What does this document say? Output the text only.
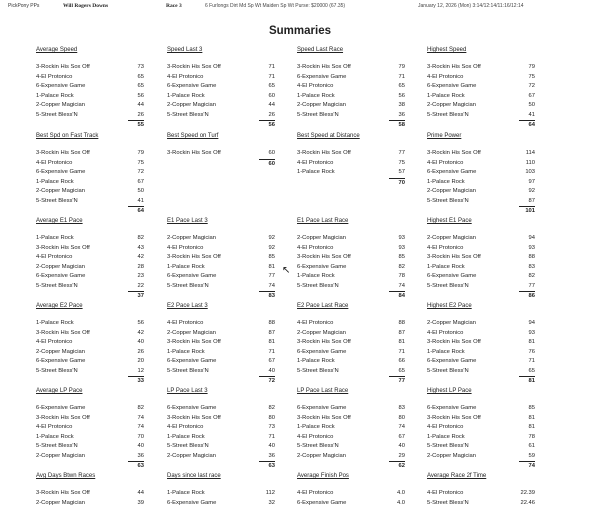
PickPony PPs	Will Rogers Downs	Race 3	6 Furlongs Dirt Md Sp Wt Maiden Sp Wt Purse: $20000 (67.35)	January 12, 2026 (Mon) 3:14/12:14/11:16/12:14
Summaries
Average Speed
3-Rockin His Sox Off	73
4-El Protonico	65
6-Expensive Game	65
1-Palace Rock	56
2-Copper Magician	44
5-Street Bless'N	26
55
Speed Last 3
3-Rockin His Sox Off	71
4-El Protonico	71
6-Expensive Game	65
1-Palace Rock	60
2-Copper Magician	44
5-Street Bless'N	26
56
Speed Last Race
3-Rockin His Sox Off	79
6-Expensive Game	71
4-El Protonico	65
1-Palace Rock	56
2-Copper Magician	38
5-Street Bless'N	36
58
Highest Speed
3-Rockin His Sox Off	79
4-El Protonico	75
6-Expensive Game	72
1-Palace Rock	67
2-Copper Magician	50
5-Street Bless'N	41
64
Best Spd on Fast Track
3-Rockin His Sox Off	79
4-El Protonico	75
6-Expensive Game	72
1-Palace Rock	67
2-Copper Magician	50
5-Street Bless'N	41
64
Best Speed on Turf
3-Rockin His Sox Off	60
60
Best Speed at Distance
3-Rockin His Sox Off	77
4-El Protonico	75
1-Palace Rock	57
70
Prime Power
3-Rockin His Sox Off	114
4-El Protonico	110
6-Expensive Game	103
1-Palace Rock	97
2-Copper Magician	92
5-Street Bless'N	87
101
Average E1 Pace
1-Palace Rock	82
3-Rockin His Sox Off	43
4-El Protonico	42
2-Copper Magician	28
6-Expensive Game	23
5-Street Bless'N	22
37
E1 Pace Last 3
2-Copper Magician	92
4-El Protonico	92
3-Rockin His Sox Off	85
1-Palace Rock	81
6-Expensive Game	77
5-Street Bless'N	74
83
E1 Pace Last Race
2-Copper Magician	93
4-El Protonico	93
3-Rockin His Sox Off	85
6-Expensive Game	82
1-Palace Rock	78
5-Street Bless'N	74
84
Highest E1 Pace
2-Copper Magician	94
4-El Protonico	93
3-Rockin His Sox Off	88
1-Palace Rock	83
6-Expensive Game	82
5-Street Bless'N	77
86
Average E2 Pace
1-Palace Rock	56
3-Rockin His Sox Off	42
4-El Protonico	40
2-Copper Magician	26
6-Expensive Game	20
5-Street Bless'N	12
33
E2 Pace Last 3
4-El Protonico	88
2-Copper Magician	87
3-Rockin His Sox Off	81
1-Palace Rock	71
6-Expensive Game	67
5-Street Bless'N	40
72
E2 Pace Last Race
4-El Protonico	88
2-Copper Magician	87
3-Rockin His Sox Off	81
6-Expensive Game	71
1-Palace Rock	66
5-Street Bless'N	65
77
Highest E2 Pace
2-Copper Magician	94
4-El Protonico	93
3-Rockin His Sox Off	81
1-Palace Rock	76
6-Expensive Game	71
5-Street Bless'N	65
81
Average LP Pace
6-Expensive Game	82
3-Rockin His Sox Off	74
4-El Protonico	74
1-Palace Rock	70
5-Street Bless'N	40
2-Copper Magician	36
63
LP Pace Last 3
6-Expensive Game	82
3-Rockin His Sox Off	80
4-El Protonico	73
1-Palace Rock	71
5-Street Bless'N	40
2-Copper Magician	36
63
LP Pace Last Race
6-Expensive Game	83
3-Rockin His Sox Off	80
1-Palace Rock	74
4-El Protonico	67
5-Street Bless'N	40
2-Copper Magician	29
62
Highest LP Pace
6-Expensive Game	85
3-Rockin His Sox Off	81
4-El Protonico	81
1-Palace Rock	78
5-Street Bless'N	61
2-Copper Magician	59
74
Avg Days Btwn Races
3-Rockin His Sox Off	44
2-Copper Magician	39
Days since last race
1-Palace Rock	112
6-Expensive Game	32
Average Finish Pos
4-El Protonico	4.0
6-Expensive Game	4.0
Average Race 2f Time
4-El Protonico	22.39
5-Street Bless'N	22.46
↖
